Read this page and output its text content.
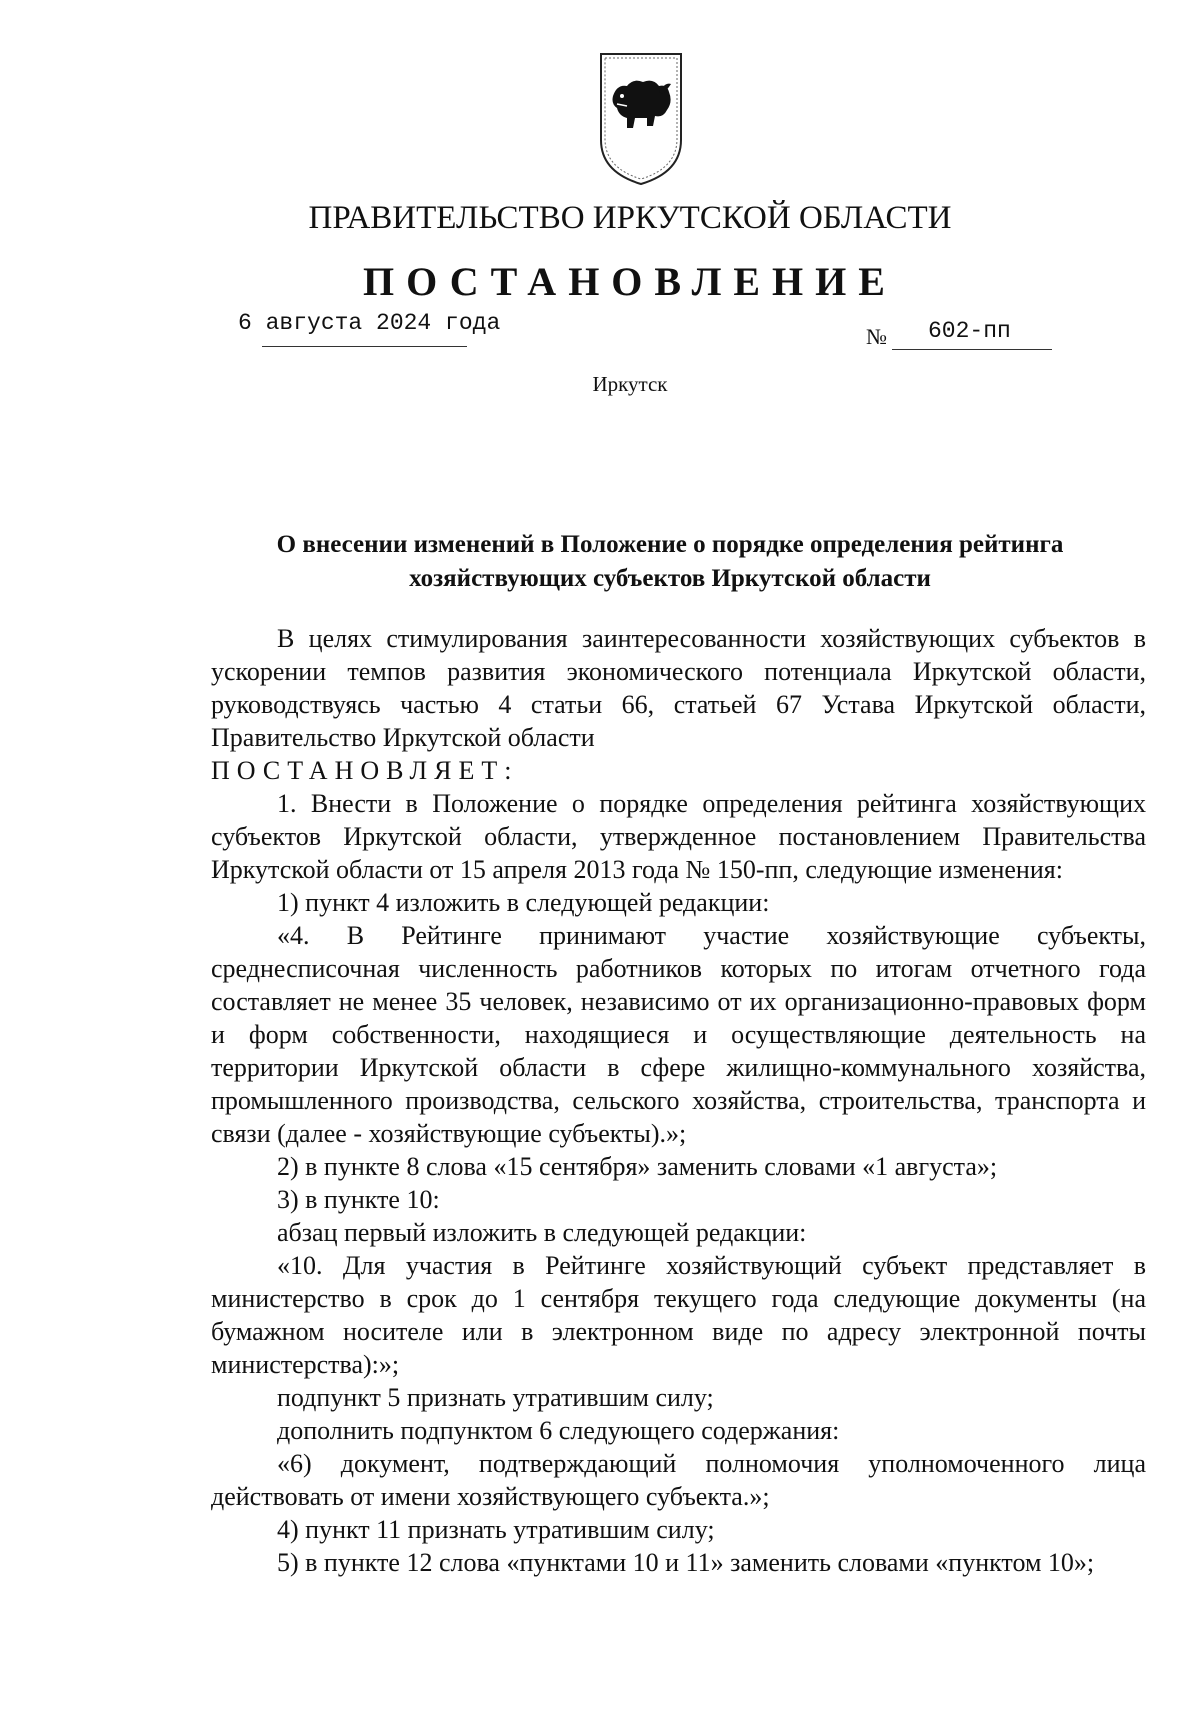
ПРАВИТЕЛЬСТВО ИРКУТСКОЙ ОБЛАСТИ
ПОСТАНОВЛЕНИЕ
6 августа 2024 года
№ 602-пп
Иркутск
О внесении изменений в Положение о порядке определения рейтинга
хозяйствующих субъектов Иркутской области

В целях стимулирования заинтересованности хозяйствующих субъектов в ускорении темпов развития экономического потенциала Иркутской области, руководствуясь частью 4 статьи 66, статьей 67 Устава Иркутской области, Правительство Иркутской области

ПОСТАНОВЛЯЕТ:

1. Внести в Положение о порядке определения рейтинга хозяйствующих субъектов Иркутской области, утвержденное постановлением Правительства Иркутской области от 15 апреля 2013 года № 150-пп, следующие изменения:

1) пункт 4 изложить в следующей редакции:

«4. В Рейтинге принимают участие хозяйствующие субъекты, среднесписочная численность работников которых по итогам отчетного года составляет не менее 35 человек, независимо от их организационно-правовых форм и форм собственности, находящиеся и осуществляющие деятельность на территории Иркутской области в сфере жилищно-коммунального хозяйства, промышленного производства, сельского хозяйства, строительства, транспорта и связи (далее - хозяйствующие субъекты).»;

2) в пункте 8 слова «15 сентября» заменить словами «1 августа»;

3) в пункте 10:

абзац первый изложить в следующей редакции:

«10. Для участия в Рейтинге хозяйствующий субъект представляет в министерство в срок до 1 сентября текущего года следующие документы (на бумажном носителе или в электронном виде по адресу электронной почты министерства):»;

подпункт 5 признать утратившим силу;

дополнить подпунктом 6 следующего содержания:

«6) документ, подтверждающий полномочия уполномоченного лица действовать от имени хозяйствующего субъекта.»;

4) пункт 11 признать утратившим силу;

5) в пункте 12 слова «пунктами 10 и 11» заменить словами «пунктом 10»;
